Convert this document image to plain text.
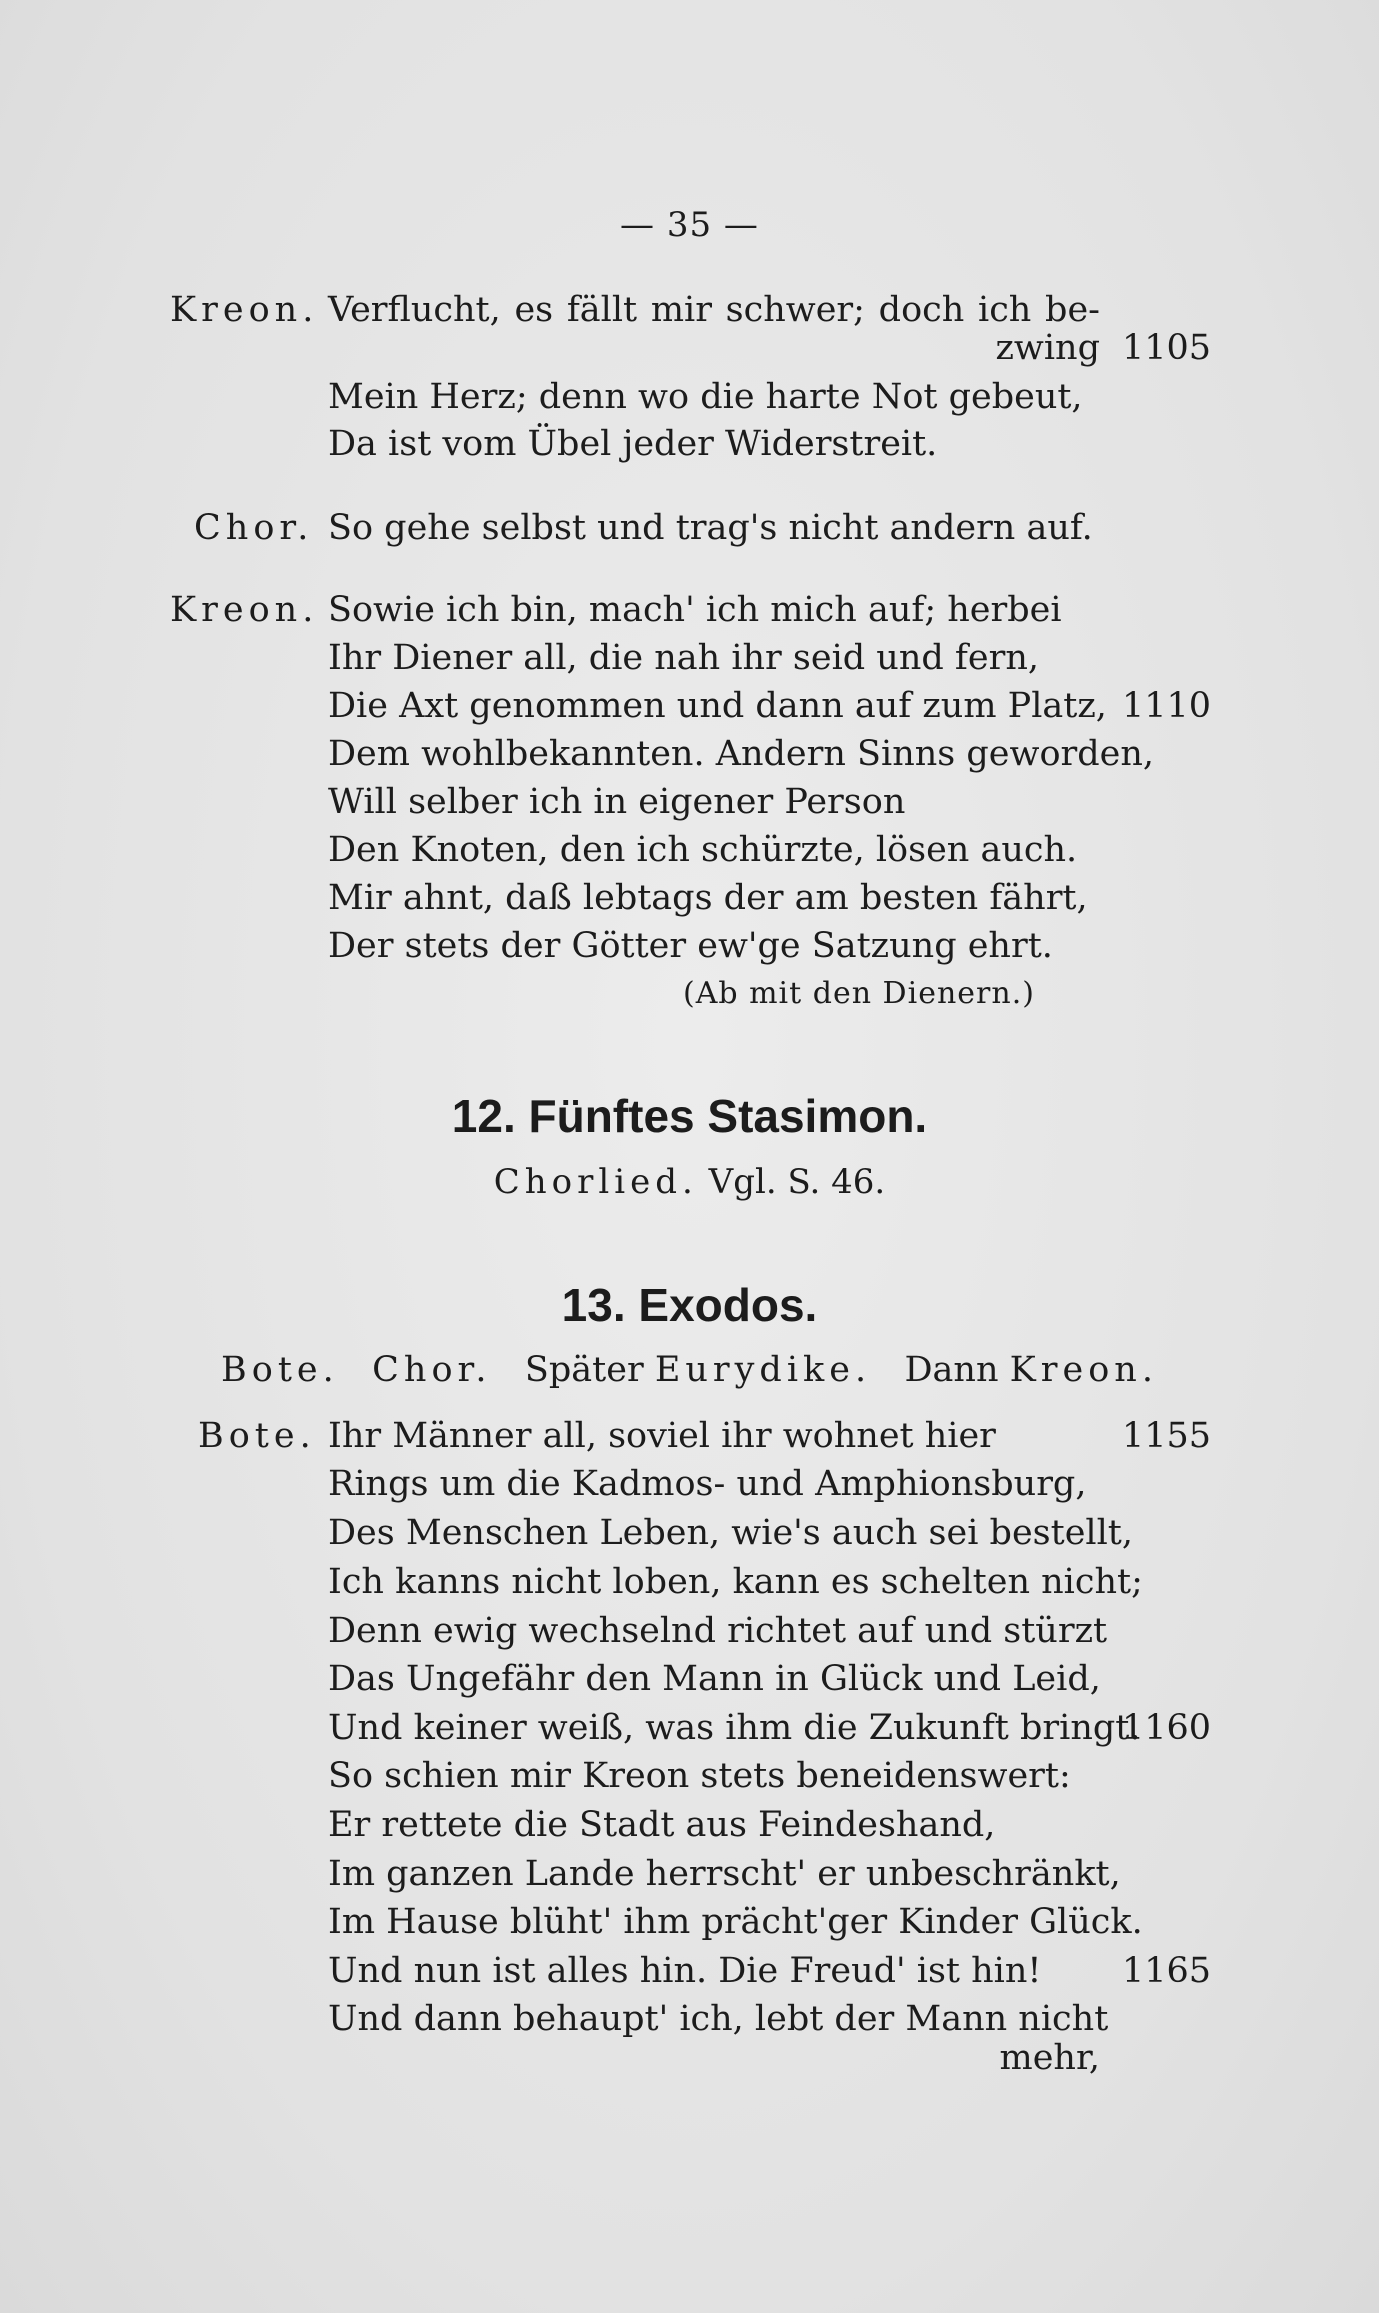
— 35 —
Kreon. Verflucht, es fällt mir schwer; doch ich be-
zwing 1105
Mein Herz; denn wo die harte Not gebeut,
Da ist vom Übel jeder Widerstreit.
Chor. So gehe selbst und trag's nicht andern auf.
Kreon. Sowie ich bin, mach' ich mich auf; herbei
Ihr Diener all, die nah ihr seid und fern,
Die Axt genommen und dann auf zum Platz, 1110
Dem wohlbekannten. Andern Sinns geworden,
Will selber ich in eigener Person
Den Knoten, den ich schürzte, lösen auch.
Mir ahnt, daß lebtags der am besten fährt,
Der stets der Götter ew'ge Satzung ehrt.
(Ab mit den Dienern.)
12. Fünftes Stasimon.
Chorlied. Vgl. S. 46.
13. Exodos.
Bote. Chor. Später Eurydike. Dann Kreon.
Bote. Ihr Männer all, soviel ihr wohnet hier	1155
Rings um die Kadmos- und Amphionsburg,
Des Menschen Leben, wie's auch sei bestellt,
Ich kanns nicht loben, kann es schelten nicht;
Denn ewig wechselnd richtet auf und stürzt
Das Ungefähr den Mann in Glück und Leid,
Und keiner weiß, was ihm die Zukunft bringt.
1160
So schien mir Kreon stets beneidenswert:
Er rettete die Stadt aus Feindeshand,
Im ganzen Lande herrscht' er unbeschränkt,
Im Hause blüht' ihm prächt'ger Kinder Glück.
Und nun ist alles hin. Die Freud' ist hin!	1165
Und dann behaupt' ich, lebt der Mann nicht
mehr,
